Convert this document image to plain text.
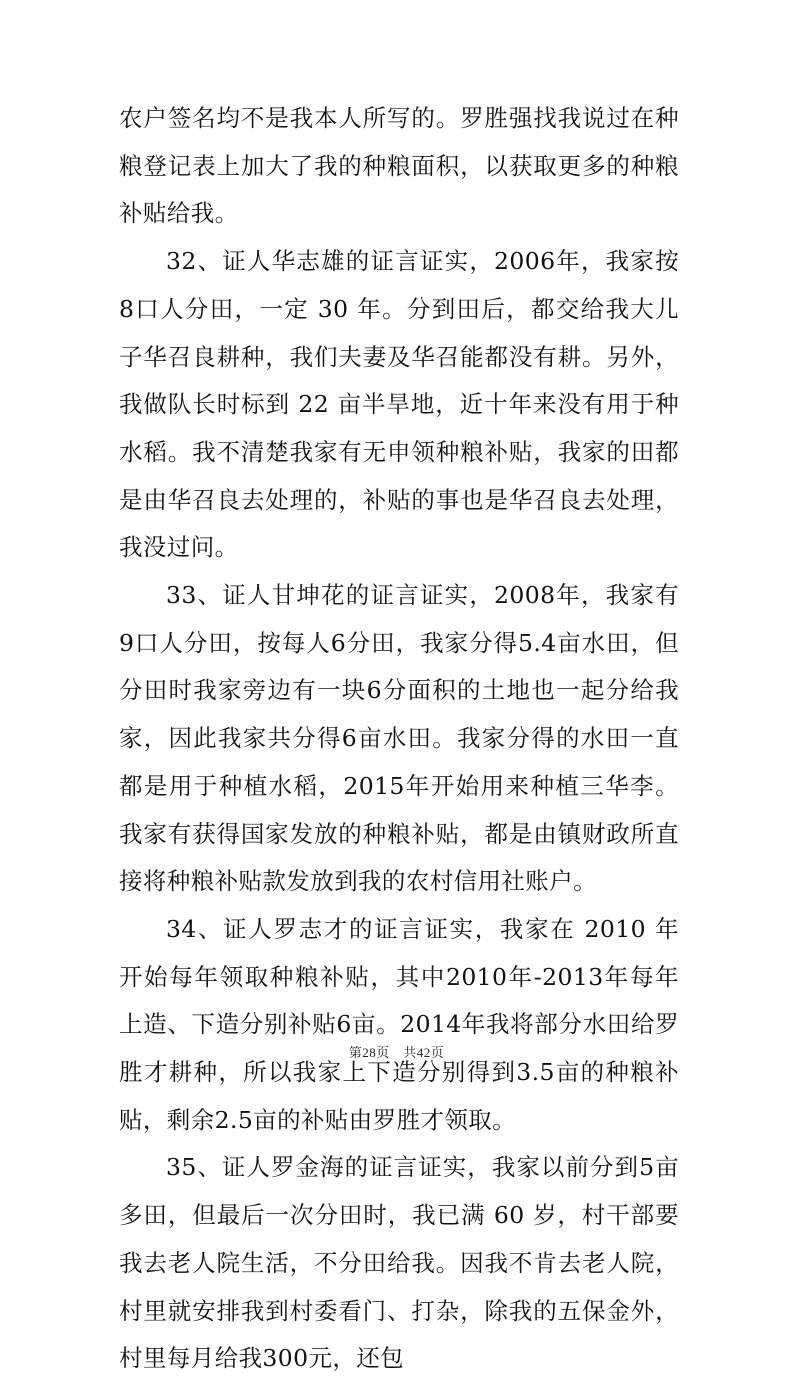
农户签名均不是我本人所写的。罗胜强找我说过在种粮登记表上加大了我的种粮面积，以获取更多的种粮补贴给我。

32、证人华志雄的证言证实，2006年，我家按8口人分田，一定 30 年。分到田后，都交给我大儿子华召良耕种，我们夫妻及华召能都没有耕。另外，我做队长时标到 22 亩半旱地，近十年来没有用于种水稻。我不清楚我家有无申领种粮补贴，我家的田都是由华召良去处理的，补贴的事也是华召良去处理，我没过问。

33、证人甘坤花的证言证实，2008年，我家有9口人分田，按每人6分田，我家分得5.4亩水田，但分田时我家旁边有一块6分面积的土地也一起分给我家，因此我家共分得6亩水田。我家分得的水田一直都是用于种植水稻，2015年开始用来种植三华李。我家有获得国家发放的种粮补贴，都是由镇财政所直接将种粮补贴款发放到我的农村信用社账户。

34、证人罗志才的证言证实，我家在 2010 年开始每年领取种粮补贴，其中2010年-2013年每年上造、下造分别补贴6亩。2014年我将部分水田给罗胜才耕种，所以我家上下造分别得到3.5亩的种粮补贴，剩余2.5亩的补贴由罗胜才领取。

35、证人罗金海的证言证实，我家以前分到5亩多田，但最后一次分田时，我已满 60 岁，村干部要我去老人院生活，不分田给我。因我不肯去老人院，村里就安排我到村委看门、打杂，除我的五保金外，村里每月给我300元，还包

第28页　共42页
